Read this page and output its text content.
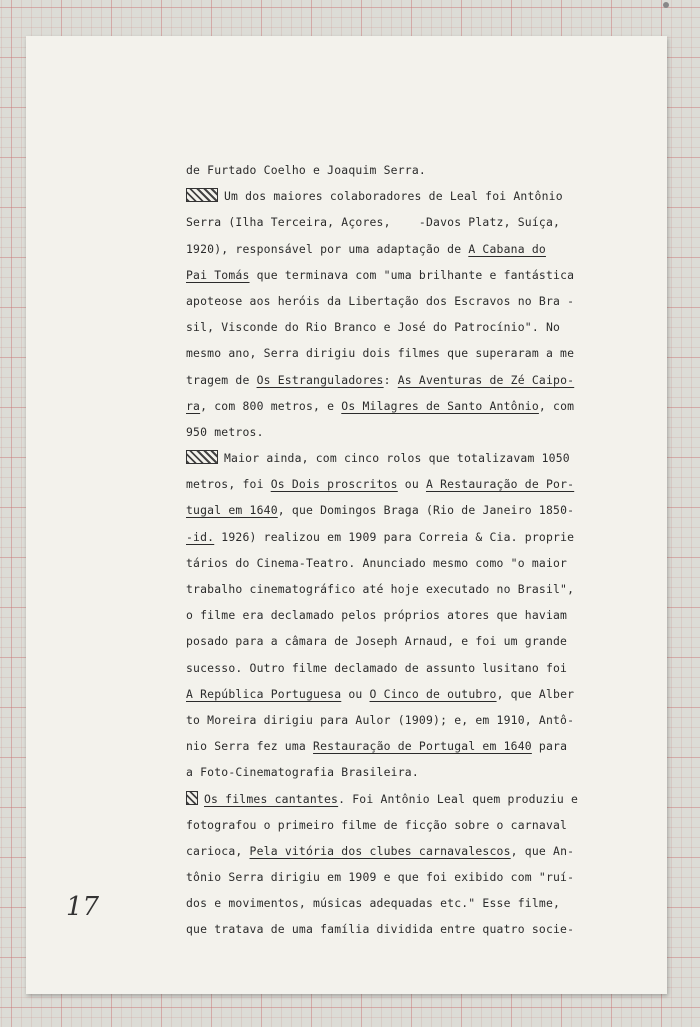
de Furtado Coelho e Joaquim Serra.
Um dos maiores colaboradores de Leal foi Antônio
Serra (Ilha Terceira, Açores,    -Davos Platz, Suíça,
1920), responsável por uma adaptação de A Cabana do
Pai Tomás que terminava com "uma brilhante e fantástica
apoteose aos heróis da Libertação dos Escravos no Bra -
sil, Visconde do Rio Branco e José do Patrocínio". No
mesmo ano, Serra dirigiu dois filmes que superaram a me
tragem de Os Estranguladores: As Aventuras de Zé Caipo-
ra, com 800 metros, e Os Milagres de Santo Antônio, com
950 metros.
Maior ainda, com cinco rolos que totalizavam 1050
metros, foi Os Dois proscritos ou A Restauração de Por-
tugal em 1640, que Domingos Braga (Rio de Janeiro 1850-
-id. 1926) realizou em 1909 para Correia & Cia. proprie
tários do Cinema-Teatro. Anunciado mesmo como "o maior
trabalho cinematográfico até hoje executado no Brasil",
o filme era declamado pelos próprios atores que haviam
posado para a câmara de Joseph Arnaud, e foi um grande
sucesso. Outro filme declamado de assunto lusitano foi
A República Portuguesa ou O Cinco de outubro, que Alber
to Moreira dirigiu para Aulor (1909); e, em 1910, Antô-
nio Serra fez uma Restauração de Portugal em 1640 para
a Foto-Cinematografia Brasileira.
Os filmes cantantes. Foi Antônio Leal quem produziu e
fotografou o primeiro filme de ficção sobre o carnaval
carioca, Pela vitória dos clubes carnavalescos, que An-
tônio Serra dirigiu em 1909 e que foi exibido com "ruí-
dos e movimentos, músicas adequadas etc." Esse filme,
que tratava de uma família dividida entre quatro socie-
17
